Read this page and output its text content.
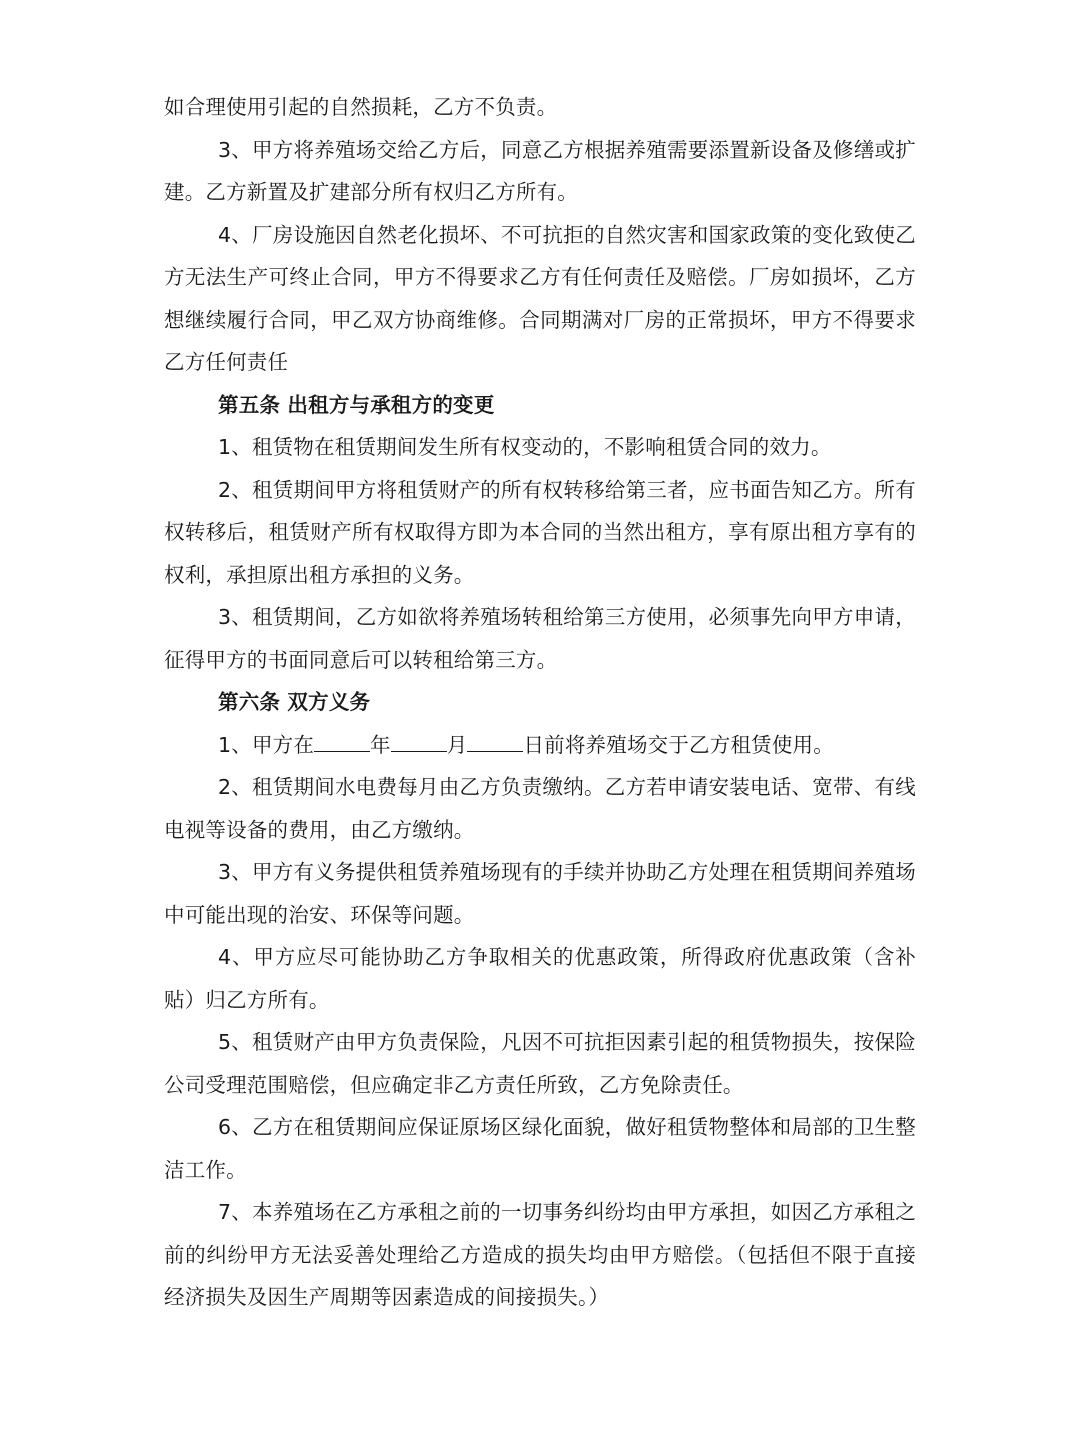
如合理使用引起的自然损耗，乙方不负责。

3、甲方将养殖场交给乙方后，同意乙方根据养殖需要添置新设备及修缮或扩建。乙方新置及扩建部分所有权归乙方所有。

4、厂房设施因自然老化损坏、不可抗拒的自然灾害和国家政策的变化致使乙方无法生产可终止合同，甲方不得要求乙方有任何责任及赔偿。厂房如损坏，乙方想继续履行合同，甲乙双方协商维修。合同期满对厂房的正常损坏，甲方不得要求乙方任何责任

第五条 出租方与承租方的变更

1、租赁物在租赁期间发生所有权变动的，不影响租赁合同的效力。

2、租赁期间甲方将租赁财产的所有权转移给第三者，应书面告知乙方。所有权转移后，租赁财产所有权取得方即为本合同的当然出租方，享有原出租方享有的权利，承担原出租方承担的义务。

3、租赁期间，乙方如欲将养殖场转租给第三方使用，必须事先向甲方申请，征得甲方的书面同意后可以转租给第三方。

第六条 双方义务

1、甲方在	年	月	日前将养殖场交于乙方租赁使用。

2、租赁期间水电费每月由乙方负责缴纳。乙方若申请安装电话、宽带、有线电视等设备的费用，由乙方缴纳。

3、甲方有义务提供租赁养殖场现有的手续并协助乙方处理在租赁期间养殖场中可能出现的治安、环保等问题。

4、甲方应尽可能协助乙方争取相关的优惠政策，所得政府优惠政策（含补贴）归乙方所有。

5、租赁财产由甲方负责保险，凡因不可抗拒因素引起的租赁物损失，按保险公司受理范围赔偿，但应确定非乙方责任所致，乙方免除责任。

6、乙方在租赁期间应保证原场区绿化面貌，做好租赁物整体和局部的卫生整洁工作。

7、本养殖场在乙方承租之前的一切事务纠纷均由甲方承担，如因乙方承租之前的纠纷甲方无法妥善处理给乙方造成的损失均由甲方赔偿。（包括但不限于直接经济损失及因生产周期等因素造成的间接损失。）
